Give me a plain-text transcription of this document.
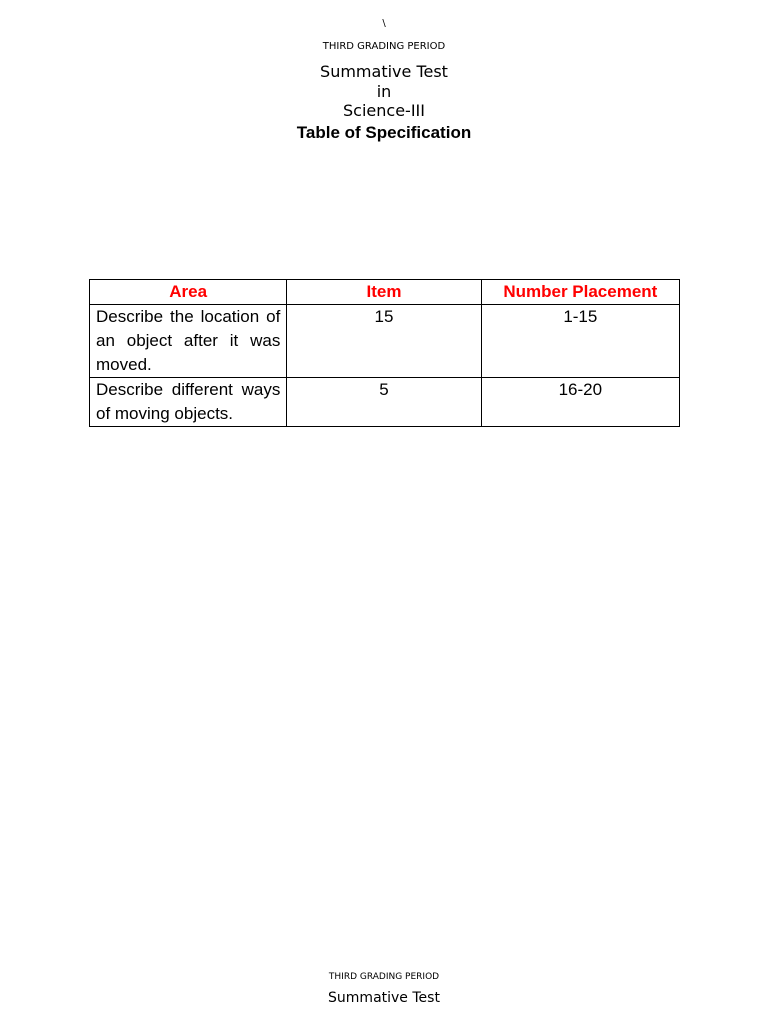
\
THIRD GRADING PERIOD
Summative Test
in
Science-III
Table of Specification
Area	Item	Number Placement
Describe the location of an object after it was moved.	15	1-15
Describe different ways of moving objects.	5	16-20
THIRD GRADING PERIOD
Summative Test
